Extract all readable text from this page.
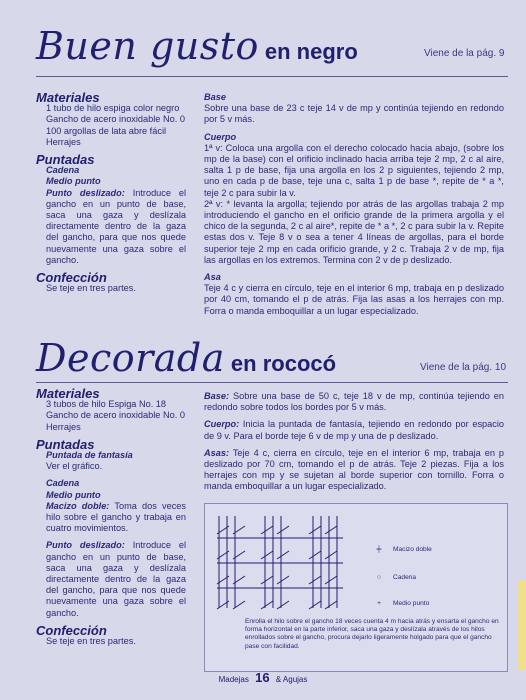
Buen gusto en negro	Viene de la pág. 9
Materiales

1 tubo de hilo espiga color negro

Gancho de acero inoxidable No. 0

100 argollas de lata abre fácil

Herrajes

Puntadas

Cadena

Medio punto

Punto deslizado: Introduce el gancho en un punto de base, saca una gaza y deslízala directamente dentro de la gaza del gancho, para que nos quede nuevamente una gaza sobre el gancho.

Confección

Se teje en tres partes.

Base

Sobre una base de 23 c teje 14 v de mp y continúa tejiendo en redondo por 5 v más.

Cuerpo

1ª v: Coloca una argolla con el derecho colocado hacia abajo, (sobre los mp de la base) con el orificio inclinado hacia arriba teje 2 mp, 2 c al aire, salta 1 p de base, fija una argolla en los 2 p siguientes, tejiendo 2 mp, uno en cada p de base, teje una c, salta 1 p de base *, repite de * a *, teje 2 c para subir la v.

2ª v: * levanta la argolla; tejiendo por atrás de las argollas trabaja 2 mp introduciendo el gancho en el orificio grande de la primera argolla y el chico de la segunda, 2 c al aire*, repite de * a *, 2 c para subir la v. Repite estas dos v. Teje 8 v o sea a tener 4 líneas de argollas, para el borde superior teje 2 mp en cada orificio grande, y 2 c. Trabaja 2 v de mp, fija las argollas en los extremos. Termina con 2 v de p deslizado.

Asa

Teje 4 c y cierra en círculo, teje en el interior 6 mp, trabaja en p deslizado por 40 cm, tomando el p de atrás. Fija las asas a los herrajes con mp. Forra o manda emboquillar a un lugar especializado.

Decorada en rococó	Viene de la pág. 10
Materiales

3 tubos de hilo Espiga No. 18

Gancho de acero inoxidable No. 0

Herrajes

Puntadas

Puntada de fantasía

Ver el gráfico.

Cadena

Medio punto

Macizo doble: Toma dos veces hilo sobre el gancho y trabaja en cuatro movimientos.

Punto deslizado: Introduce el gancho en un punto de base, saca una gaza y deslízala directamente dentro de la gaza del gancho, para que nos quede nuevamente una gaza sobre el gancho.

Confección

Se teje en tres partes.

Base: Sobre una base de 50 c, teje 18 v de mp, continúa tejiendo en redondo sobre todos los bordes por 5 v más.

Cuerpo: Inicia la puntada de fantasía, tejiendo en redondo por espacio de 9 v. Para el borde teje 6 v de mp y una de p deslizado.

Asas: Teje 4 c, cierra en círculo, teje en el interior 6 mp, trabaja en p deslizado por 70 cm, tomando el p de atrás. Teje 2 piezas. Fija a los herrajes con mp y se sujetan al borde superior con tornillo. Forra o manda emboquillar a un lugar especializado.

╪	Macizo doble
○	Cadena
+	Medio punto

Enrolla el hilo sobre el gancho 18 veces cuenta 4 m hacia atrás y ensarta el gancho en forma horizontal en la parte inferior, saca una gaza y deslízala através de los hilos enrollados sobre el gancho, procura dejarlo ligeramente holgado para que el gancho pase con facilidad.

Madejas 16 & Agujas
